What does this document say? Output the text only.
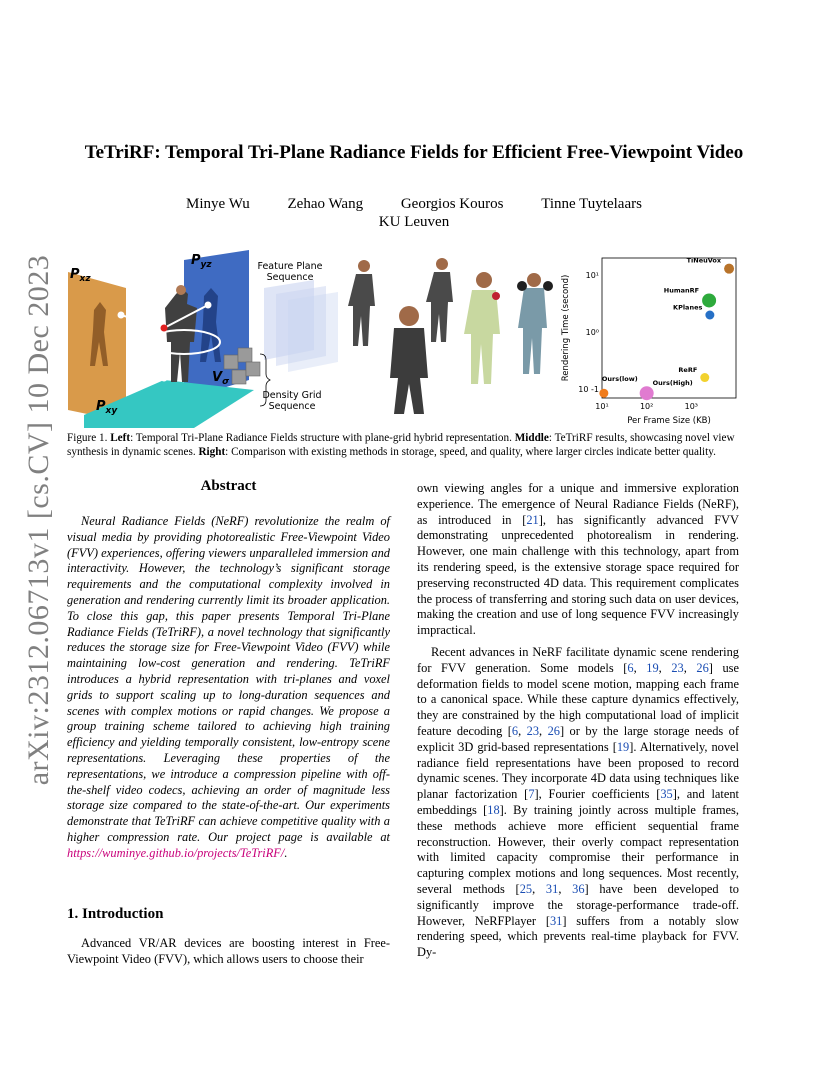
arXiv:2312.06713v1 [cs.CV] 10 Dec 2023
TeTriRF: Temporal Tri-Plane Radiance Fields for Efficient Free-Viewpoint Video
Minye Wu	Zehao Wang	Georgios Kouros	Tinne Tuytelaars
KU Leuven
$P_{xz}$
$P_{yz}$
$P_{xy}$
$V_\sigma$
Feature Plane Sequence
Density Grid Sequence	10¹	10²	10³
10 -1
10⁰
10¹
TiNeuVox
HumanRF
KPlanes
ReRF
Ours(low) Ours(High)
Per Frame Size (KB)
Rendering Time (second)
Figure 1. Left: Temporal Tri-Plane Radiance Fields structure with plane-grid hybrid representation. Middle: TeTriRF results, showcasing novel view synthesis in dynamic scenes. Right: Comparison with existing methods in storage, speed, and quality, where larger circles indicate better quality.
Abstract

Neural Radiance Fields (NeRF) revolutionize the realm of visual media by providing photorealistic Free-Viewpoint Video (FVV) experiences, offering viewers unparalleled immersion and interactivity. However, the technology’s significant storage requirements and the computational complexity involved in generation and rendering currently limit its broader application. To close this gap, this paper presents Temporal Tri-Plane Radiance Fields (TeTriRF), a novel technology that significantly reduces the storage size for Free-Viewpoint Video (FVV) while maintaining low-cost generation and rendering. TeTriRF introduces a hybrid representation with tri-planes and voxel grids to support scaling up to long-duration sequences and scenes with complex motions or rapid changes. We propose a group training scheme tailored to achieving high training efficiency and yielding temporally consistent, low-entropy scene representations. Leveraging these properties of the representations, we introduce a compression pipeline with off-the-shelf video codecs, achieving an order of magnitude less storage size compared to the state-of-the-art. Our experiments demonstrate that TeTriRF can achieve competitive quality with a higher compression rate. Our project page is available at https://wuminye.github.io/projects/TeTriRF/.

1. Introduction

Advanced VR/AR devices are boosting interest in Free-Viewpoint Video (FVV), which allows users to choose their

own viewing angles for a unique and immersive exploration experience. The emergence of Neural Radiance Fields (NeRF), as introduced in [21], has significantly advanced FVV demonstrating unprecedented photorealism in rendering. However, one main challenge with this technology, apart from its rendering speed, is the extensive storage space required for preserving reconstructed 4D data. This requirement complicates the process of transferring and storing such data on user devices, making the creation and use of long sequence FVV increasingly impractical.

Recent advances in NeRF facilitate dynamic scene rendering for FVV generation. Some models [6, 19, 23, 26] use deformation fields to model scene motion, mapping each frame to a canonical space. While these capture dynamics effectively, they are constrained by the high computational load of implicit feature decoding [6, 23, 26] or by the large storage needs of explicit 3D grid-based representations [19]. Alternatively, novel radiance field representations have been proposed to record dynamic scenes. They incorporate 4D data using techniques like planar factorization [7], Fourier coefficients [35], and latent embeddings [18]. By training jointly across multiple frames, these methods achieve more efficient sequential frame reconstruction. However, their overly compact representation with limited capacity compromise their performance in capturing complex motions and long sequences. Most recently, several methods [25, 31, 36] have been developed to significantly improve the storage-performance trade-off. However, NeRFPlayer [31] suffers from a notably slow rendering speed, which prevents real-time playback for FVV. Dy-
